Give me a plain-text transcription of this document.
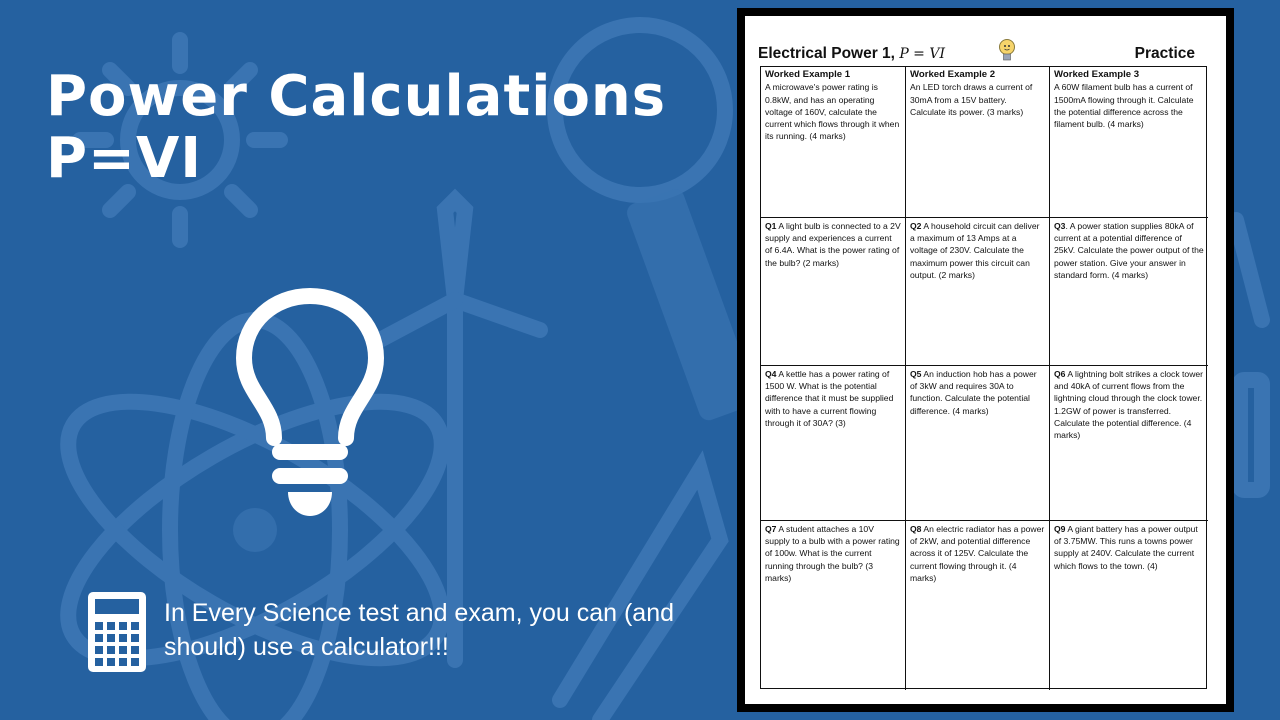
Power Calculations
P=VI

In Every Science test and exam, you can (and should) use a calculator!!!

Electrical Power 1, P = VI	Practice
Worked Example 1
A microwave's power rating is 0.8kW, and has an operating voltage of 160V, calculate the current which flows through it when its running. (4 marks)
Worked Example 2
An LED torch draws a current of 30mA from a 15V battery. Calculate its power. (3 marks)
Worked Example 3
A 60W filament bulb has a current of 1500mA flowing through it. Calculate the potential difference across the filament bulb. (4 marks)
Q1 A light bulb is connected to a 2V supply and experiences a current of 6.4A. What is the power rating of the bulb? (2 marks)
Q2 A household circuit can deliver a maximum of 13 Amps at a voltage of 230V. Calculate the maximum power this circuit can output. (2 marks)
Q3. A power station supplies 80kA of current at a potential difference of 25kV. Calculate the power output of the power station. Give your answer in standard form. (4 marks)
Q4 A kettle has a power rating of 1500 W. What is the potential difference that it must be supplied with to have a current flowing through it of 30A? (3)
Q5 An induction hob has a power of 3kW and requires 30A to function. Calculate the potential difference. (4 marks)
Q6 A lightning bolt strikes a clock tower and 40kA of current flows from the lightning cloud through the clock tower. 1.2GW of power is transferred. Calculate the potential difference. (4 marks)
Q7 A student attaches a 10V supply to a bulb with a power rating of 100w. What is the current running through the bulb? (3 marks)
Q8 An electric radiator has a power of 2kW, and potential difference across it of 125V. Calculate the current flowing through it. (4 marks)
Q9 A giant battery has a power output of 3.75MW. This runs a towns power supply at 240V. Calculate the current which flows to the town. (4)
